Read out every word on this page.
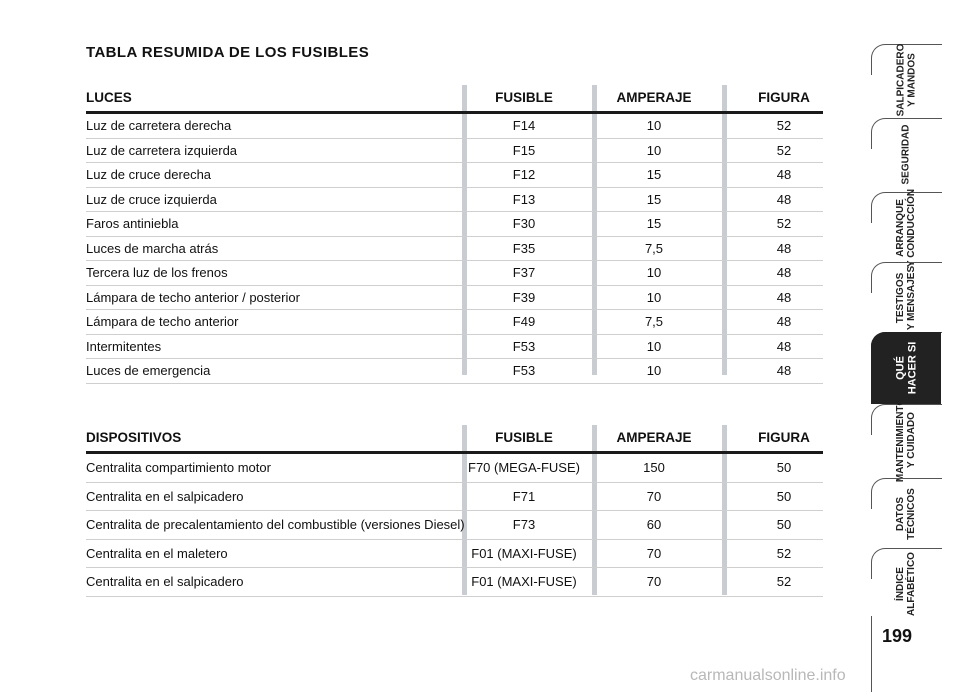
TABLA RESUMIDA DE LOS FUSIBLES
LUCES	FUSIBLE	AMPERAJE	FIGURA
Luz de carretera derecha	F14	10	52
Luz de carretera izquierda	F15	10	52
Luz de cruce derecha	F12	15	48
Luz de cruce izquierda	F13	15	48
Faros antiniebla	F30	15	52
Luces de marcha atrás	F35	7,5	48
Tercera luz de los frenos	F37	10	48
Lámpara de techo anterior / posterior	F39	10	48
Lámpara de techo anterior	F49	7,5	48
Intermitentes	F53	10	48
Luces de emergencia	F53	10	48
DISPOSITIVOS	FUSIBLE	AMPERAJE	FIGURA
Centralita compartimiento motor	F70 (MEGA-FUSE)	150	50
Centralita en el salpicadero	F71	70	50
Centralita de precalentamiento del combustible (versiones Diesel)	F73	60	50
Centralita en el maletero	F01 (MAXI-FUSE)	70	52
Centralita en el salpicadero	F01 (MAXI-FUSE)	70	52
SALPICADERO Y MANDOS
SEGURIDAD
ARRANQUE Y CONDUCCIÓN
TESTIGOS Y MENSAJES
QUÉ HACER SI
MANTENIMIENTO Y CUIDADO
DATOS TÉCNICOS
ÍNDICE ALFABÉTICO
199
carmanualsonline.info
